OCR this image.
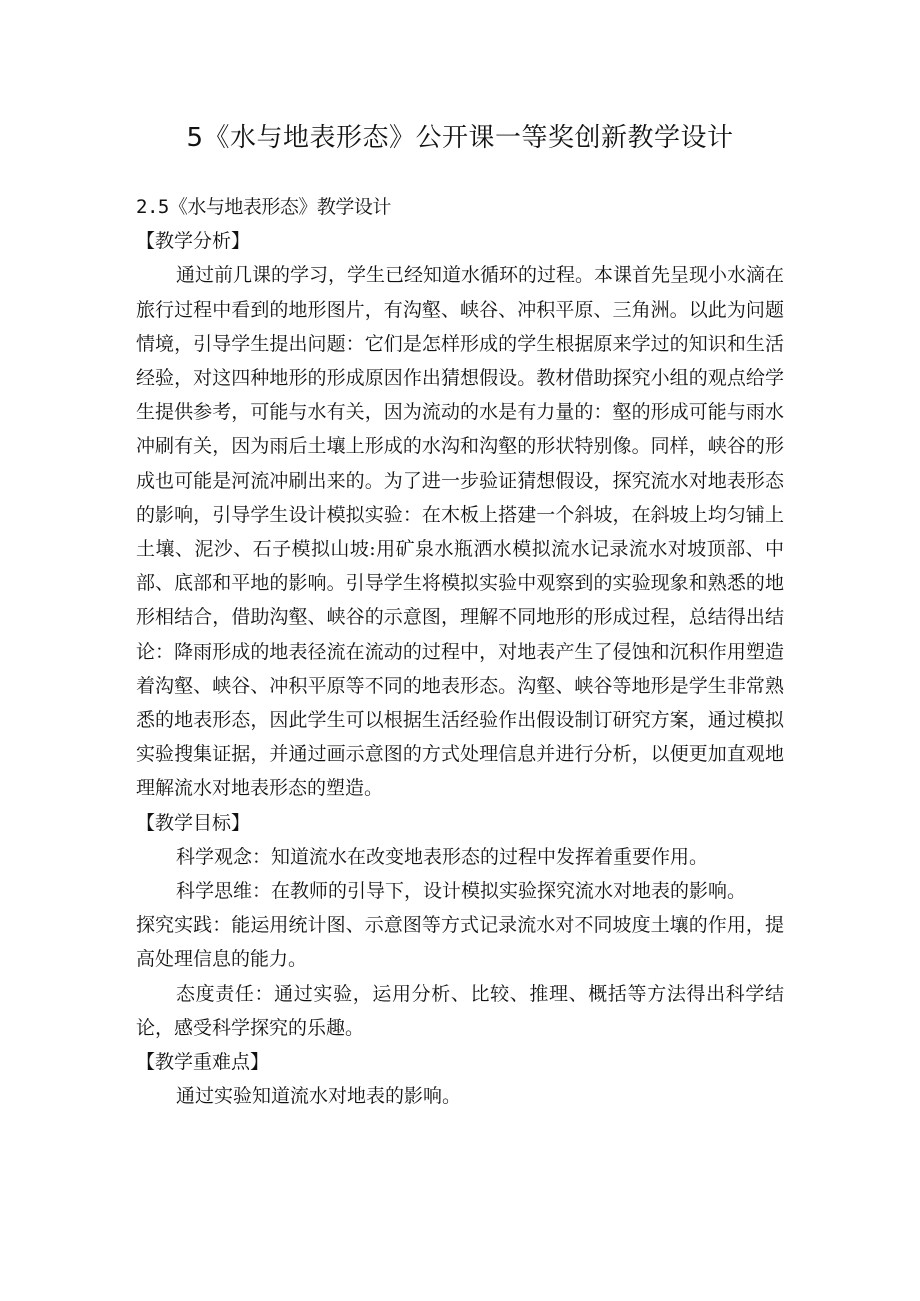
5《水与地表形态》公开课一等奖创新教学设计

2.5《水与地表形态》教学设计

【教学分析】

通过前几课的学习，学生已经知道水循环的过程。本课首先呈现小水滴在旅行过程中看到的地形图片，有沟壑、峡谷、冲积平原、三角洲。以此为问题情境，引导学生提出问题：它们是怎样形成的学生根据原来学过的知识和生活经验，对这四种地形的形成原因作出猜想假设。教材借助探究小组的观点给学生提供参考，可能与水有关，因为流动的水是有力量的：壑的形成可能与雨水冲刷有关，因为雨后土壤上形成的水沟和沟壑的形状特别像。同样，峡谷的形成也可能是河流冲刷出来的。为了进一步验证猜想假设，探究流水对地表形态的影响，引导学生设计模拟实验：在木板上搭建一个斜坡，在斜坡上均匀铺上土壤、泥沙、石子模拟山坡:用矿泉水瓶洒水模拟流水记录流水对坡顶部、中部、底部和平地的影响。引导学生将模拟实验中观察到的实验现象和熟悉的地形相结合，借助沟壑、峡谷的示意图，理解不同地形的形成过程，总结得出结论：降雨形成的地表径流在流动的过程中，对地表产生了侵蚀和沉积作用塑造着沟壑、峡谷、冲积平原等不同的地表形态。沟壑、峡谷等地形是学生非常熟悉的地表形态，因此学生可以根据生活经验作出假设制订研究方案，通过模拟实验搜集证据，并通过画示意图的方式处理信息并进行分析，以便更加直观地理解流水对地表形态的塑造。

【教学目标】

科学观念：知道流水在改变地表形态的过程中发挥着重要作用。

科学思维：在教师的引导下，设计模拟实验探究流水对地表的影响。

探究实践：能运用统计图、示意图等方式记录流水对不同坡度土壤的作用，提高处理信息的能力。

态度责任：通过实验，运用分析、比较、推理、概括等方法得出科学结论，感受科学探究的乐趣。

【教学重难点】

通过实验知道流水对地表的影响。
